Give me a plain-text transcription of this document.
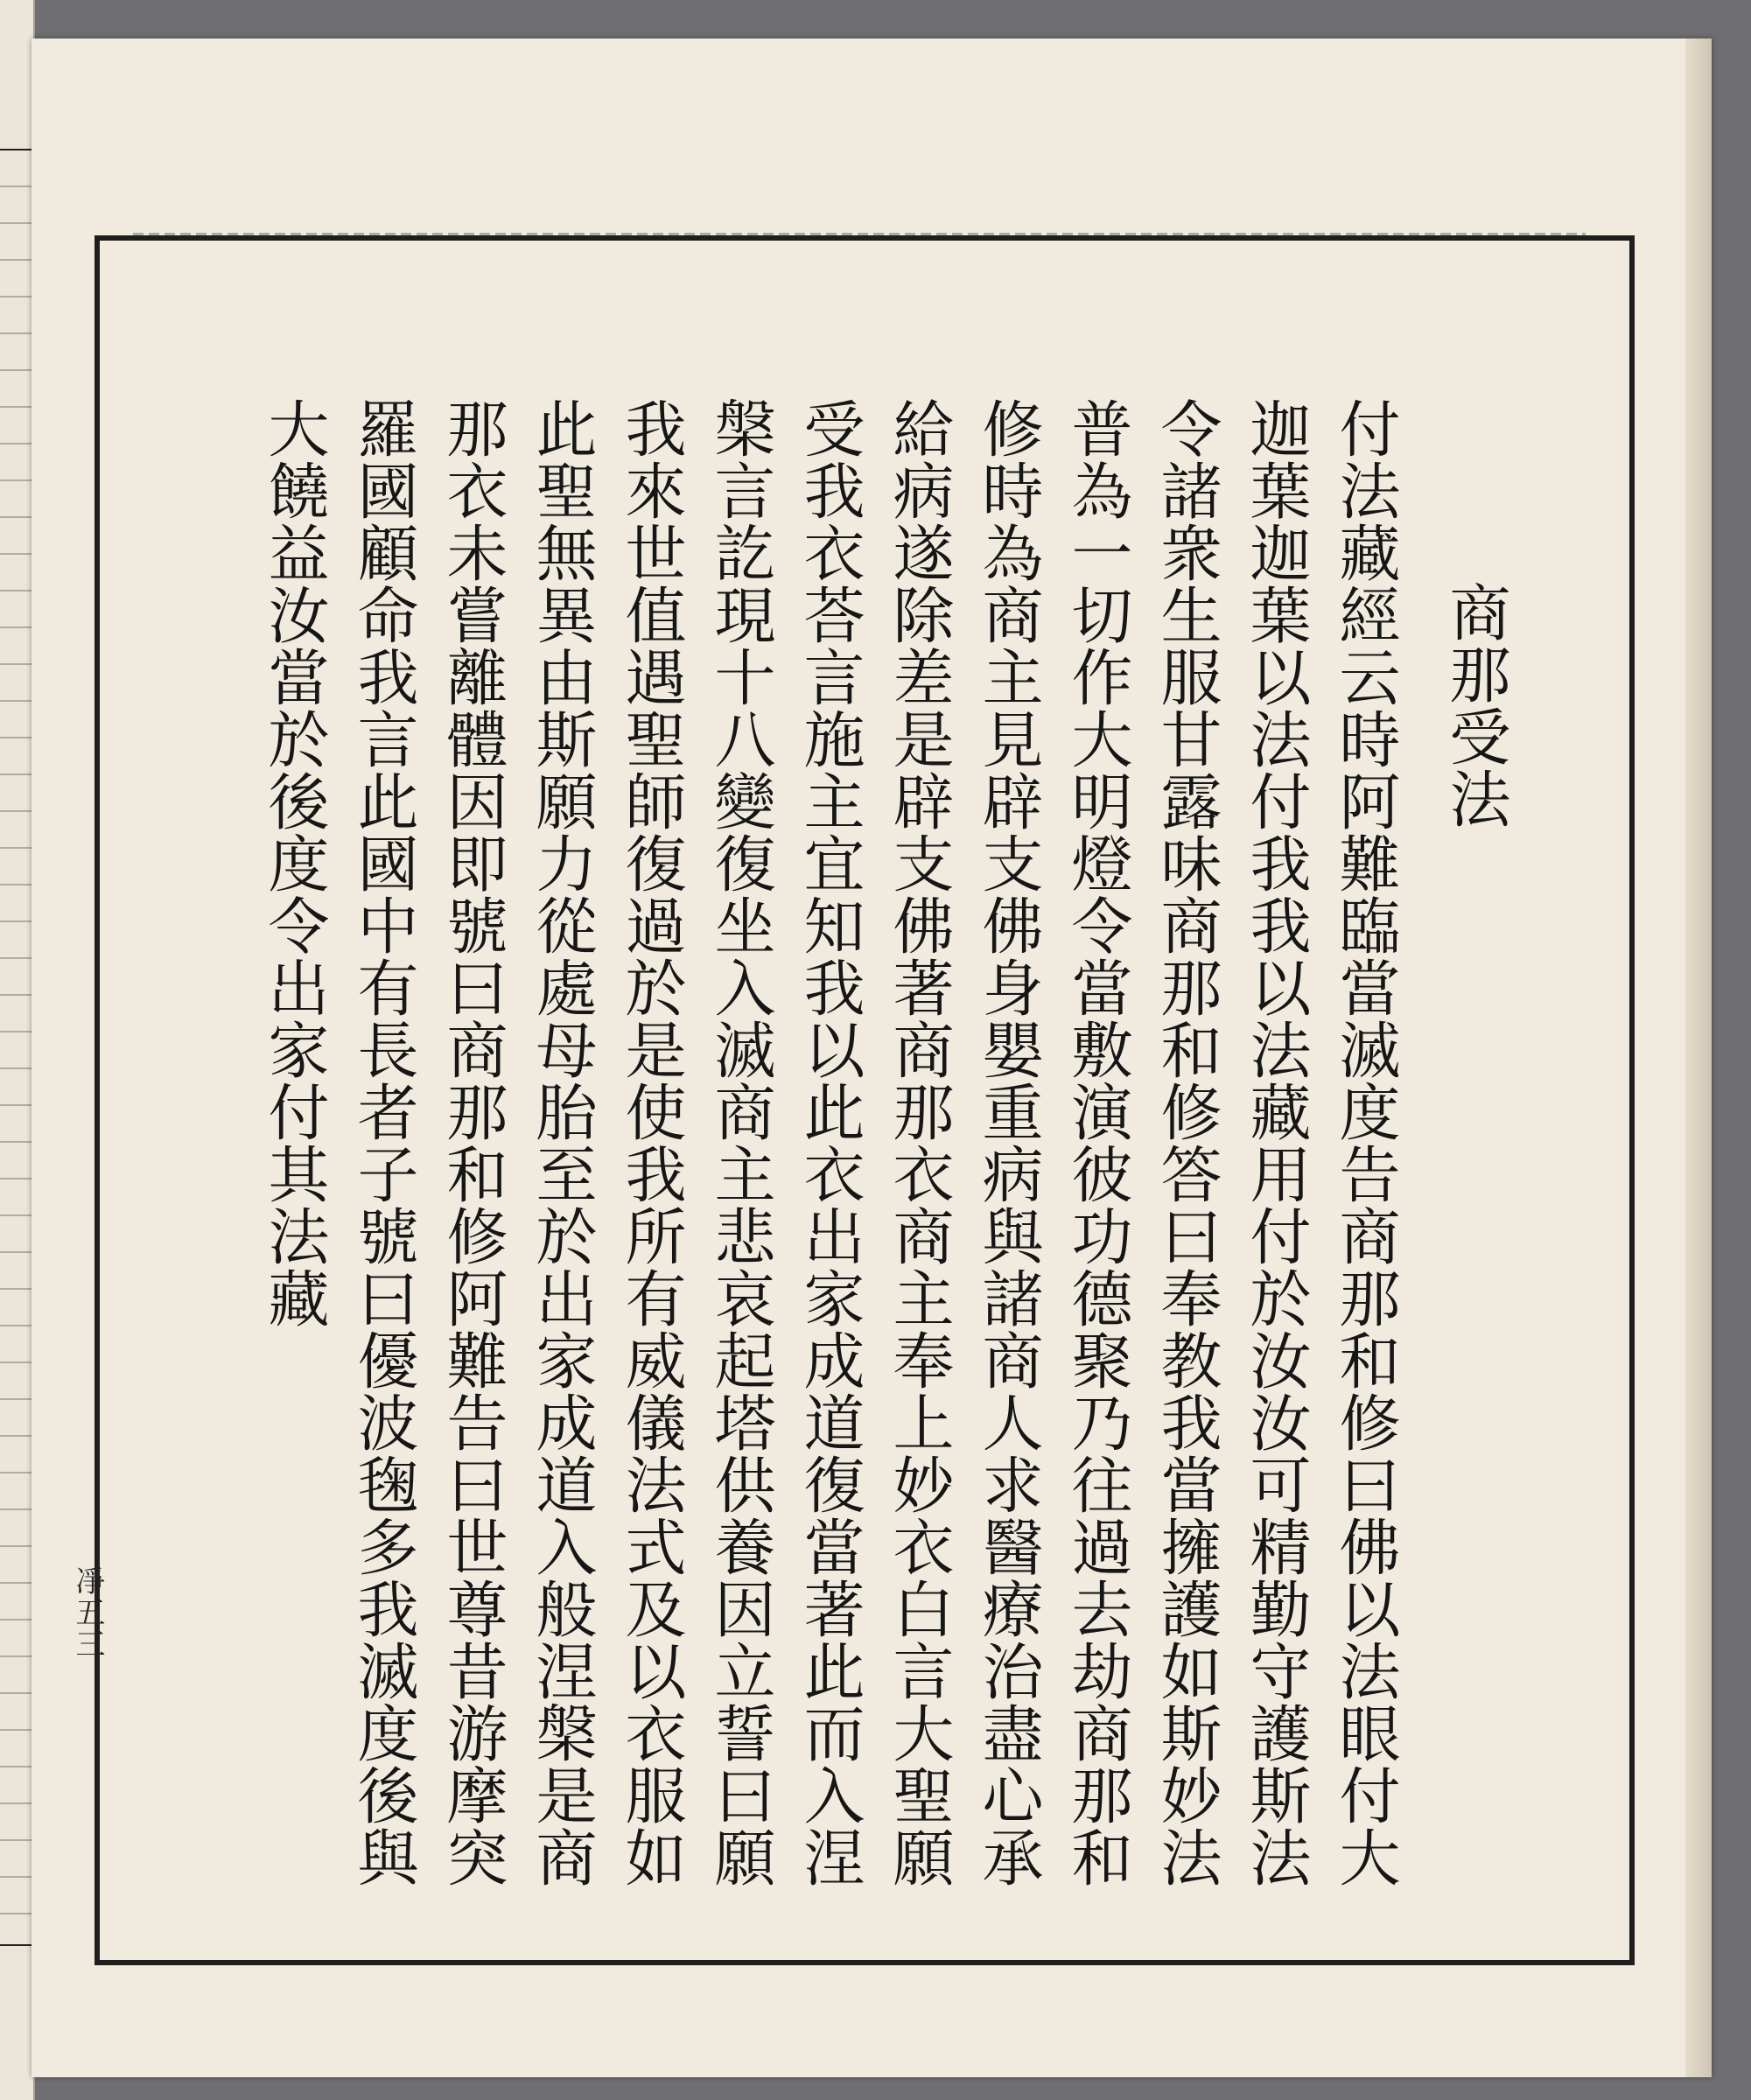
凈五三
商那受法
付法藏經云時阿難臨當滅度告商那和修曰佛以法眼付大
迦葉迦葉以法付我我以法藏用付於汝汝可精勤守護斯法
令諸衆生服甘露味商那和修答曰奉教我當擁護如斯妙法
普為一切作大明燈令當敷演彼功德聚乃往過去劫商那和
修時為商主見辟支佛身嬰重病與諸商人求醫療治盡心承
給病遂除差是辟支佛著商那衣商主奉上妙衣白言大聖願
受我衣荅言施主宜知我以此衣出家成道復當著此而入涅
槃言訖現十八變復坐入滅商主悲哀起塔供養因立誓曰願
我來世值遇聖師復過於是使我所有威儀法式及以衣服如
此聖無異由斯願力從處母胎至於出家成道入般涅槃是商
那衣未嘗離體因即號曰商那和修阿難告曰世尊昔游摩突
羅國顧命我言此國中有長者子號曰優波毱多我滅度後與
大饒益汝當於後度令出家付其法藏
